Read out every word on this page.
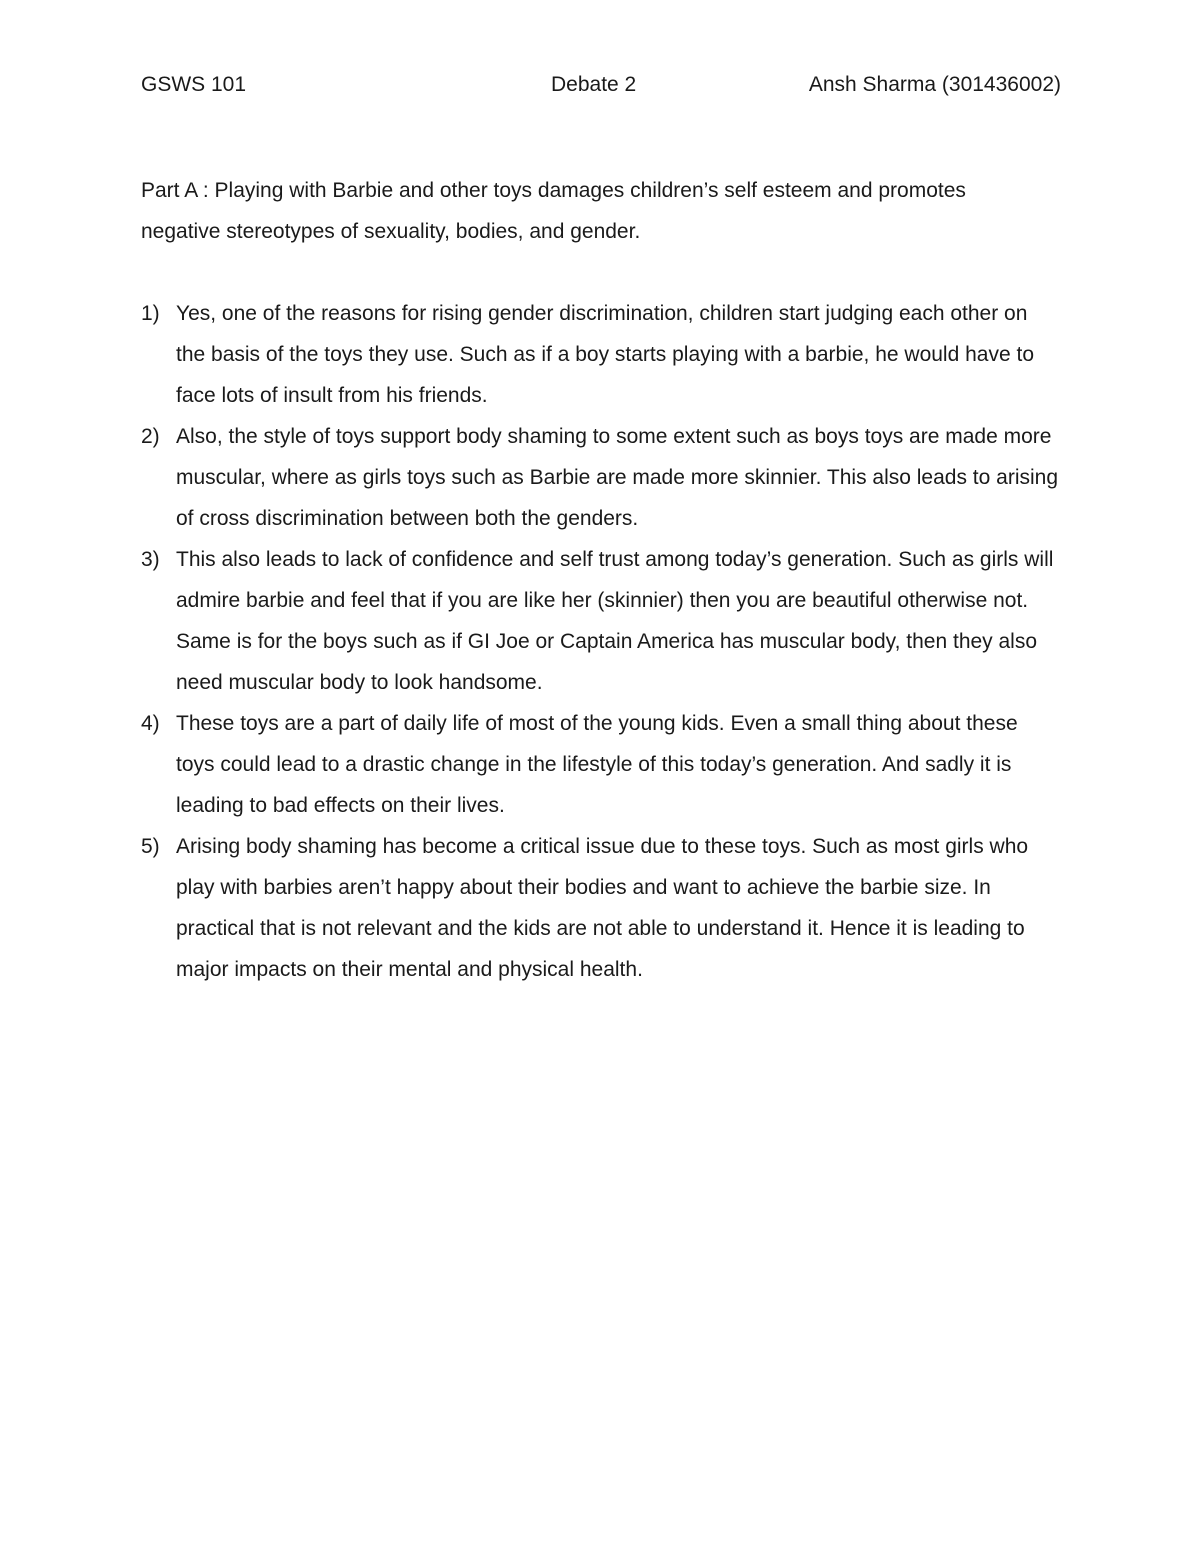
GSWS 101	Debate 2	Ansh Sharma (301436002)
Part A : Playing with Barbie and other toys damages children’s self esteem and promotes negative stereotypes of sexuality, bodies, and gender.
1) Yes, one of the reasons for rising gender discrimination, children start judging each other on the basis of the toys they use. Such as if a boy starts playing with a barbie, he would have to face lots of insult from his friends.
2) Also, the style of toys support body shaming to some extent such as boys toys are made more muscular, where as girls toys such as Barbie are made more skinnier. This also leads to arising of cross discrimination between both the genders.
3) This also leads to lack of confidence and self trust among today’s generation. Such as girls will admire barbie and feel that if you are like her (skinnier) then you are beautiful otherwise not. Same is for the boys such as if GI Joe or Captain America has muscular body, then they also need muscular body to look handsome.
4) These toys are a part of daily life of most of the young kids. Even a small thing about these toys could lead to a drastic change in the lifestyle of this today’s generation. And sadly it is leading to bad effects on their lives.
5) Arising body shaming has become a critical issue due to these toys. Such as most girls who play with barbies aren’t happy about their bodies and want to achieve the barbie size. In practical that is not relevant and the kids are not able to understand it. Hence it is leading to major impacts on their mental and physical health.
